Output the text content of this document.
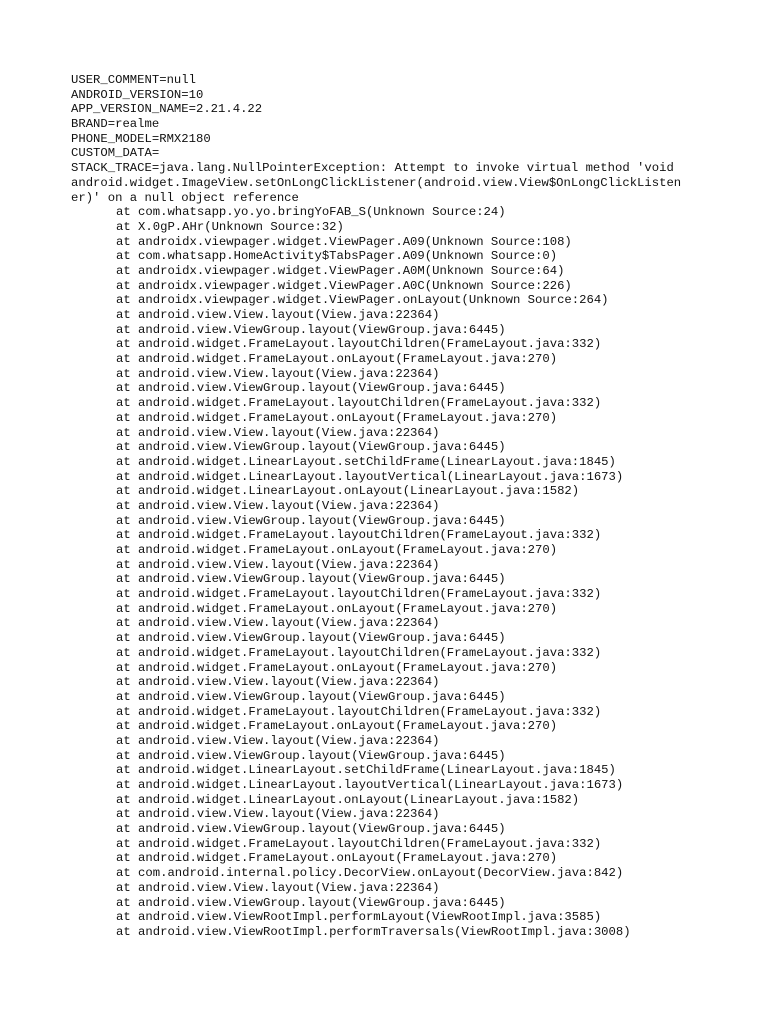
USER_COMMENT=null
ANDROID_VERSION=10
APP_VERSION_NAME=2.21.4.22
BRAND=realme
PHONE_MODEL=RMX2180
CUSTOM_DATA=
STACK_TRACE=java.lang.NullPointerException: Attempt to invoke virtual method 'void
android.widget.ImageView.setOnLongClickListener(android.view.View$OnLongClickListen
er)' on a null object reference
at com.whatsapp.yo.yo.bringYoFAB_S(Unknown Source:24)
at X.0gP.AHr(Unknown Source:32)
at androidx.viewpager.widget.ViewPager.A09(Unknown Source:108)
at com.whatsapp.HomeActivity$TabsPager.A09(Unknown Source:0)
at androidx.viewpager.widget.ViewPager.A0M(Unknown Source:64)
at androidx.viewpager.widget.ViewPager.A0C(Unknown Source:226)
at androidx.viewpager.widget.ViewPager.onLayout(Unknown Source:264)
at android.view.View.layout(View.java:22364)
at android.view.ViewGroup.layout(ViewGroup.java:6445)
at android.widget.FrameLayout.layoutChildren(FrameLayout.java:332)
at android.widget.FrameLayout.onLayout(FrameLayout.java:270)
at android.view.View.layout(View.java:22364)
at android.view.ViewGroup.layout(ViewGroup.java:6445)
at android.widget.FrameLayout.layoutChildren(FrameLayout.java:332)
at android.widget.FrameLayout.onLayout(FrameLayout.java:270)
at android.view.View.layout(View.java:22364)
at android.view.ViewGroup.layout(ViewGroup.java:6445)
at android.widget.LinearLayout.setChildFrame(LinearLayout.java:1845)
at android.widget.LinearLayout.layoutVertical(LinearLayout.java:1673)
at android.widget.LinearLayout.onLayout(LinearLayout.java:1582)
at android.view.View.layout(View.java:22364)
at android.view.ViewGroup.layout(ViewGroup.java:6445)
at android.widget.FrameLayout.layoutChildren(FrameLayout.java:332)
at android.widget.FrameLayout.onLayout(FrameLayout.java:270)
at android.view.View.layout(View.java:22364)
at android.view.ViewGroup.layout(ViewGroup.java:6445)
at android.widget.FrameLayout.layoutChildren(FrameLayout.java:332)
at android.widget.FrameLayout.onLayout(FrameLayout.java:270)
at android.view.View.layout(View.java:22364)
at android.view.ViewGroup.layout(ViewGroup.java:6445)
at android.widget.FrameLayout.layoutChildren(FrameLayout.java:332)
at android.widget.FrameLayout.onLayout(FrameLayout.java:270)
at android.view.View.layout(View.java:22364)
at android.view.ViewGroup.layout(ViewGroup.java:6445)
at android.widget.FrameLayout.layoutChildren(FrameLayout.java:332)
at android.widget.FrameLayout.onLayout(FrameLayout.java:270)
at android.view.View.layout(View.java:22364)
at android.view.ViewGroup.layout(ViewGroup.java:6445)
at android.widget.LinearLayout.setChildFrame(LinearLayout.java:1845)
at android.widget.LinearLayout.layoutVertical(LinearLayout.java:1673)
at android.widget.LinearLayout.onLayout(LinearLayout.java:1582)
at android.view.View.layout(View.java:22364)
at android.view.ViewGroup.layout(ViewGroup.java:6445)
at android.widget.FrameLayout.layoutChildren(FrameLayout.java:332)
at android.widget.FrameLayout.onLayout(FrameLayout.java:270)
at com.android.internal.policy.DecorView.onLayout(DecorView.java:842)
at android.view.View.layout(View.java:22364)
at android.view.ViewGroup.layout(ViewGroup.java:6445)
at android.view.ViewRootImpl.performLayout(ViewRootImpl.java:3585)
at android.view.ViewRootImpl.performTraversals(ViewRootImpl.java:3008)
